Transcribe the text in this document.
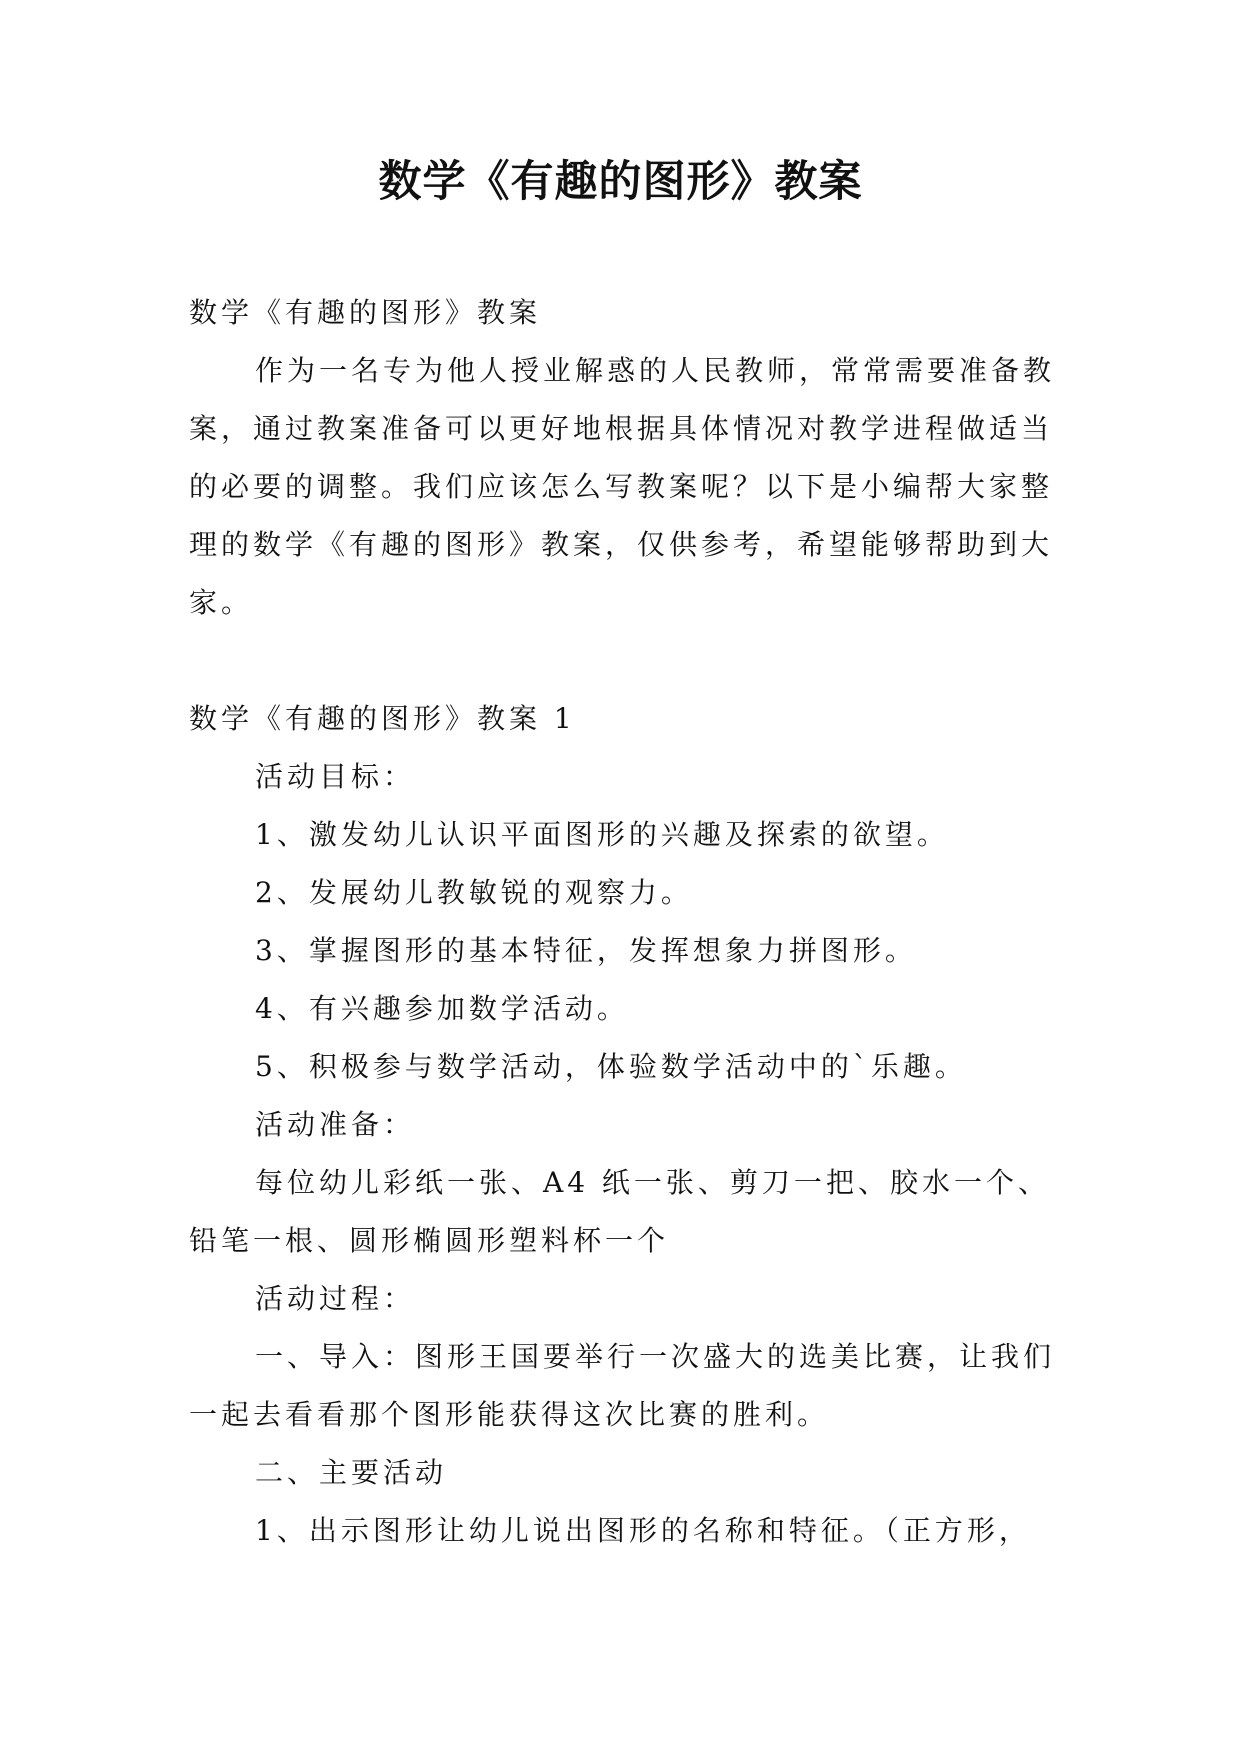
数学《有趣的图形》教案

数学《有趣的图形》教案

作为一名专为他人授业解惑的人民教师，常常需要准备教案，通过教案准备可以更好地根据具体情况对教学进程做适当的必要的调整。我们应该怎么写教案呢？以下是小编帮大家整理的数学《有趣的图形》教案，仅供参考，希望能够帮助到大家。

数学《有趣的图形》教案 1

活动目标：

1、激发幼儿认识平面图形的兴趣及探索的欲望。

2、发展幼儿教敏锐的观察力。

3、掌握图形的基本特征，发挥想象力拼图形。

4、有兴趣参加数学活动。

5、积极参与数学活动，体验数学活动中的`乐趣。

活动准备：

每位幼儿彩纸一张、A4 纸一张、剪刀一把、胶水一个、铅笔一根、圆形椭圆形塑料杯一个

活动过程：

一、导入：图形王国要举行一次盛大的选美比赛，让我们一起去看看那个图形能获得这次比赛的胜利。

二、主要活动

1、出示图形让幼儿说出图形的名称和特征。（正方形，
